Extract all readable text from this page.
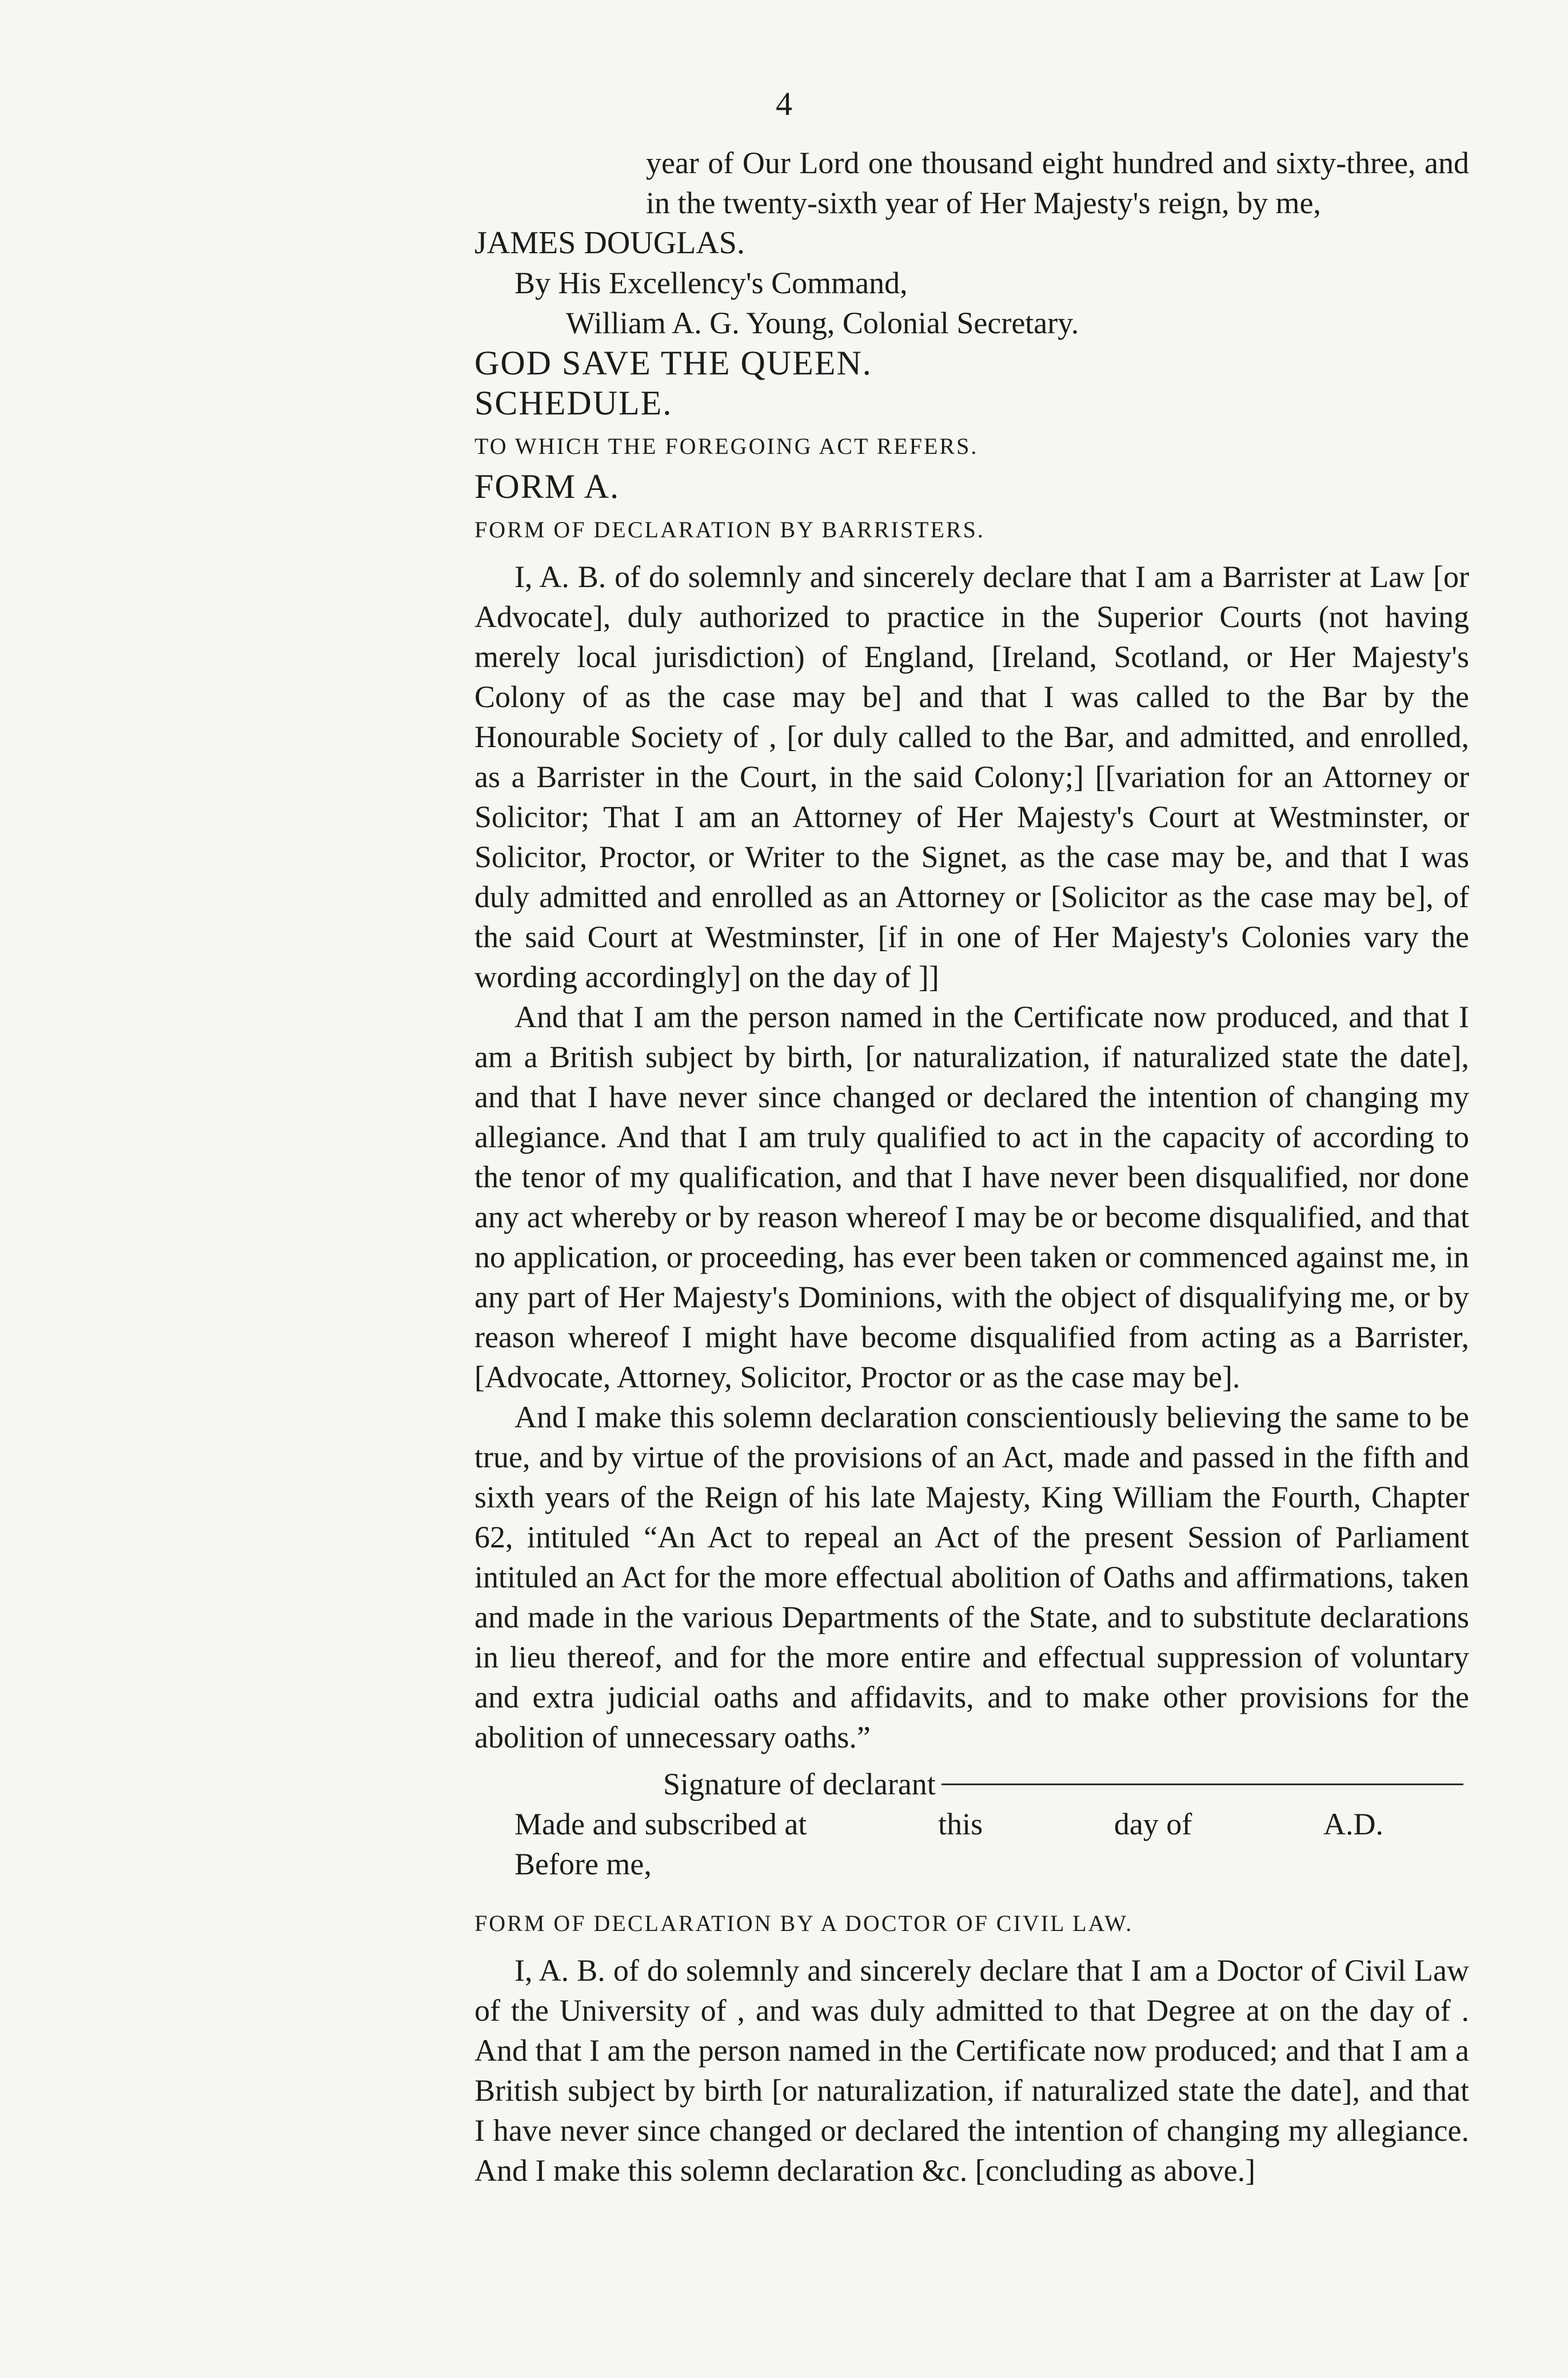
4

year of Our Lord one thousand eight hundred and sixty-three, and in the twenty-sixth year of Her Majesty's reign, by me,

JAMES DOUGLAS.

By His Excellency's Command,

William A. G. Young, Colonial Secretary.

GOD SAVE THE QUEEN.

SCHEDULE.

TO WHICH THE FOREGOING ACT REFERS.

FORM A.

FORM OF DECLARATION BY BARRISTERS.

I, A. B. of do solemnly and sincerely declare that I am a Barrister at Law [or Advocate], duly authorized to practice in the Superior Courts (not having merely local jurisdiction) of England, [Ireland, Scotland, or Her Majesty's Colony of as the case may be] and that I was called to the Bar by the Honourable Society of , [or duly called to the Bar, and admitted, and enrolled, as a Barrister in the Court, in the said Colony;] [[variation for an Attorney or Solicitor; That I am an Attorney of Her Majesty's Court at Westminster, or Solicitor, Proctor, or Writer to the Signet, as the case may be, and that I was duly admitted and enrolled as an Attorney or [Solicitor as the case may be], of the said Court at Westminster, [if in one of Her Majesty's Colonies vary the wording accordingly] on the day of ]]

And that I am the person named in the Certificate now produced, and that I am a British subject by birth, [or naturalization, if naturalized state the date], and that I have never since changed or declared the intention of changing my allegiance. And that I am truly qualified to act in the capacity of according to the tenor of my qualification, and that I have never been disqualified, nor done any act whereby or by reason whereof I may be or become disqualified, and that no application, or proceeding, has ever been taken or commenced against me, in any part of Her Majesty's Dominions, with the object of disqualifying me, or by reason whereof I might have become disqualified from acting as a Barrister, [Advocate, Attorney, Solicitor, Proctor or as the case may be].

And I make this solemn declaration conscientiously believing the same to be true, and by virtue of the provisions of an Act, made and passed in the fifth and sixth years of the Reign of his late Majesty, King William the Fourth, Chapter 62, intituled “An Act to repeal an Act of the present Session of Parliament intituled an Act for the more effectual abolition of Oaths and affirmations, taken and made in the various Departments of the State, and to substitute declarations in lieu thereof, and for the more entire and effectual suppression of voluntary and extra judicial oaths and affidavits, and to make other provisions for the abolition of unnecessary oaths.”

Signature of declarant
Made and subscribed at	this	day of	A.D.

Before me,

FORM OF DECLARATION BY A DOCTOR OF CIVIL LAW.

I, A. B. of do solemnly and sincerely declare that I am a Doctor of Civil Law of the University of , and was duly admitted to that Degree at on the day of . And that I am the person named in the Certificate now produced; and that I am a British subject by birth [or naturalization, if naturalized state the date], and that I have never since changed or declared the intention of changing my allegiance. And I make this solemn declaration &c. [concluding as above.]
